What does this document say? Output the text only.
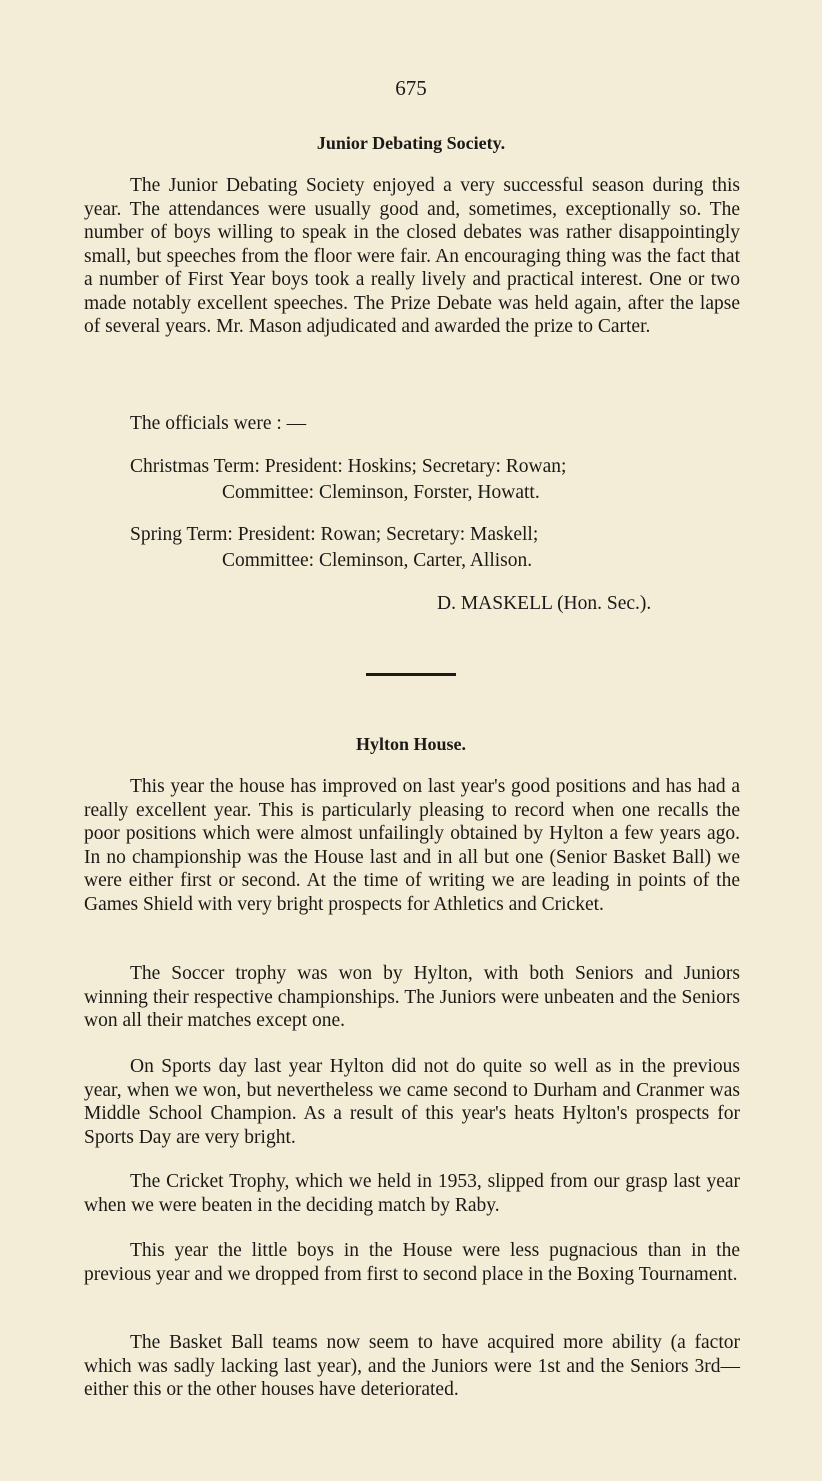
675
Junior Debating Society.

The Junior Debating Society enjoyed a very successful season during this year. The attendances were usually good and, sometimes, exceptionally so. The number of boys willing to speak in the closed debates was rather disappointingly small, but speeches from the floor were fair. An encouraging thing was the fact that a number of First Year boys took a really lively and practical interest. One or two made notably excellent speeches. The Prize Debate was held again, after the lapse of several years. Mr. Mason adjudicated and awarded the prize to Carter.

The officials were : —
Christmas Term: President: Hoskins; Secretary: Rowan;
Committee: Cleminson, Forster, Howatt.
Spring Term: President: Rowan; Secretary: Maskell;
Committee: Cleminson, Carter, Allison.
D. MASKELL (Hon. Sec.).
Hylton House.

This year the house has improved on last year's good positions and has had a really excellent year. This is particularly pleasing to record when one recalls the poor positions which were almost unfailingly obtained by Hylton a few years ago. In no championship was the House last and in all but one (Senior Basket Ball) we were either first or second. At the time of writing we are leading in points of the Games Shield with very bright prospects for Athletics and Cricket.

The Soccer trophy was won by Hylton, with both Seniors and Juniors winning their respective championships. The Juniors were unbeaten and the Seniors won all their matches except one.

On Sports day last year Hylton did not do quite so well as in the previous year, when we won, but nevertheless we came second to Durham and Cranmer was Middle School Champion. As a result of this year's heats Hylton's prospects for Sports Day are very bright.

The Cricket Trophy, which we held in 1953, slipped from our grasp last year when we were beaten in the deciding match by Raby.

This year the little boys in the House were less pugnacious than in the previous year and we dropped from first to second place in the Boxing Tournament.

The Basket Ball teams now seem to have acquired more ability (a factor which was sadly lacking last year), and the Juniors were 1st and the Seniors 3rd—either this or the other houses have deteriorated.
